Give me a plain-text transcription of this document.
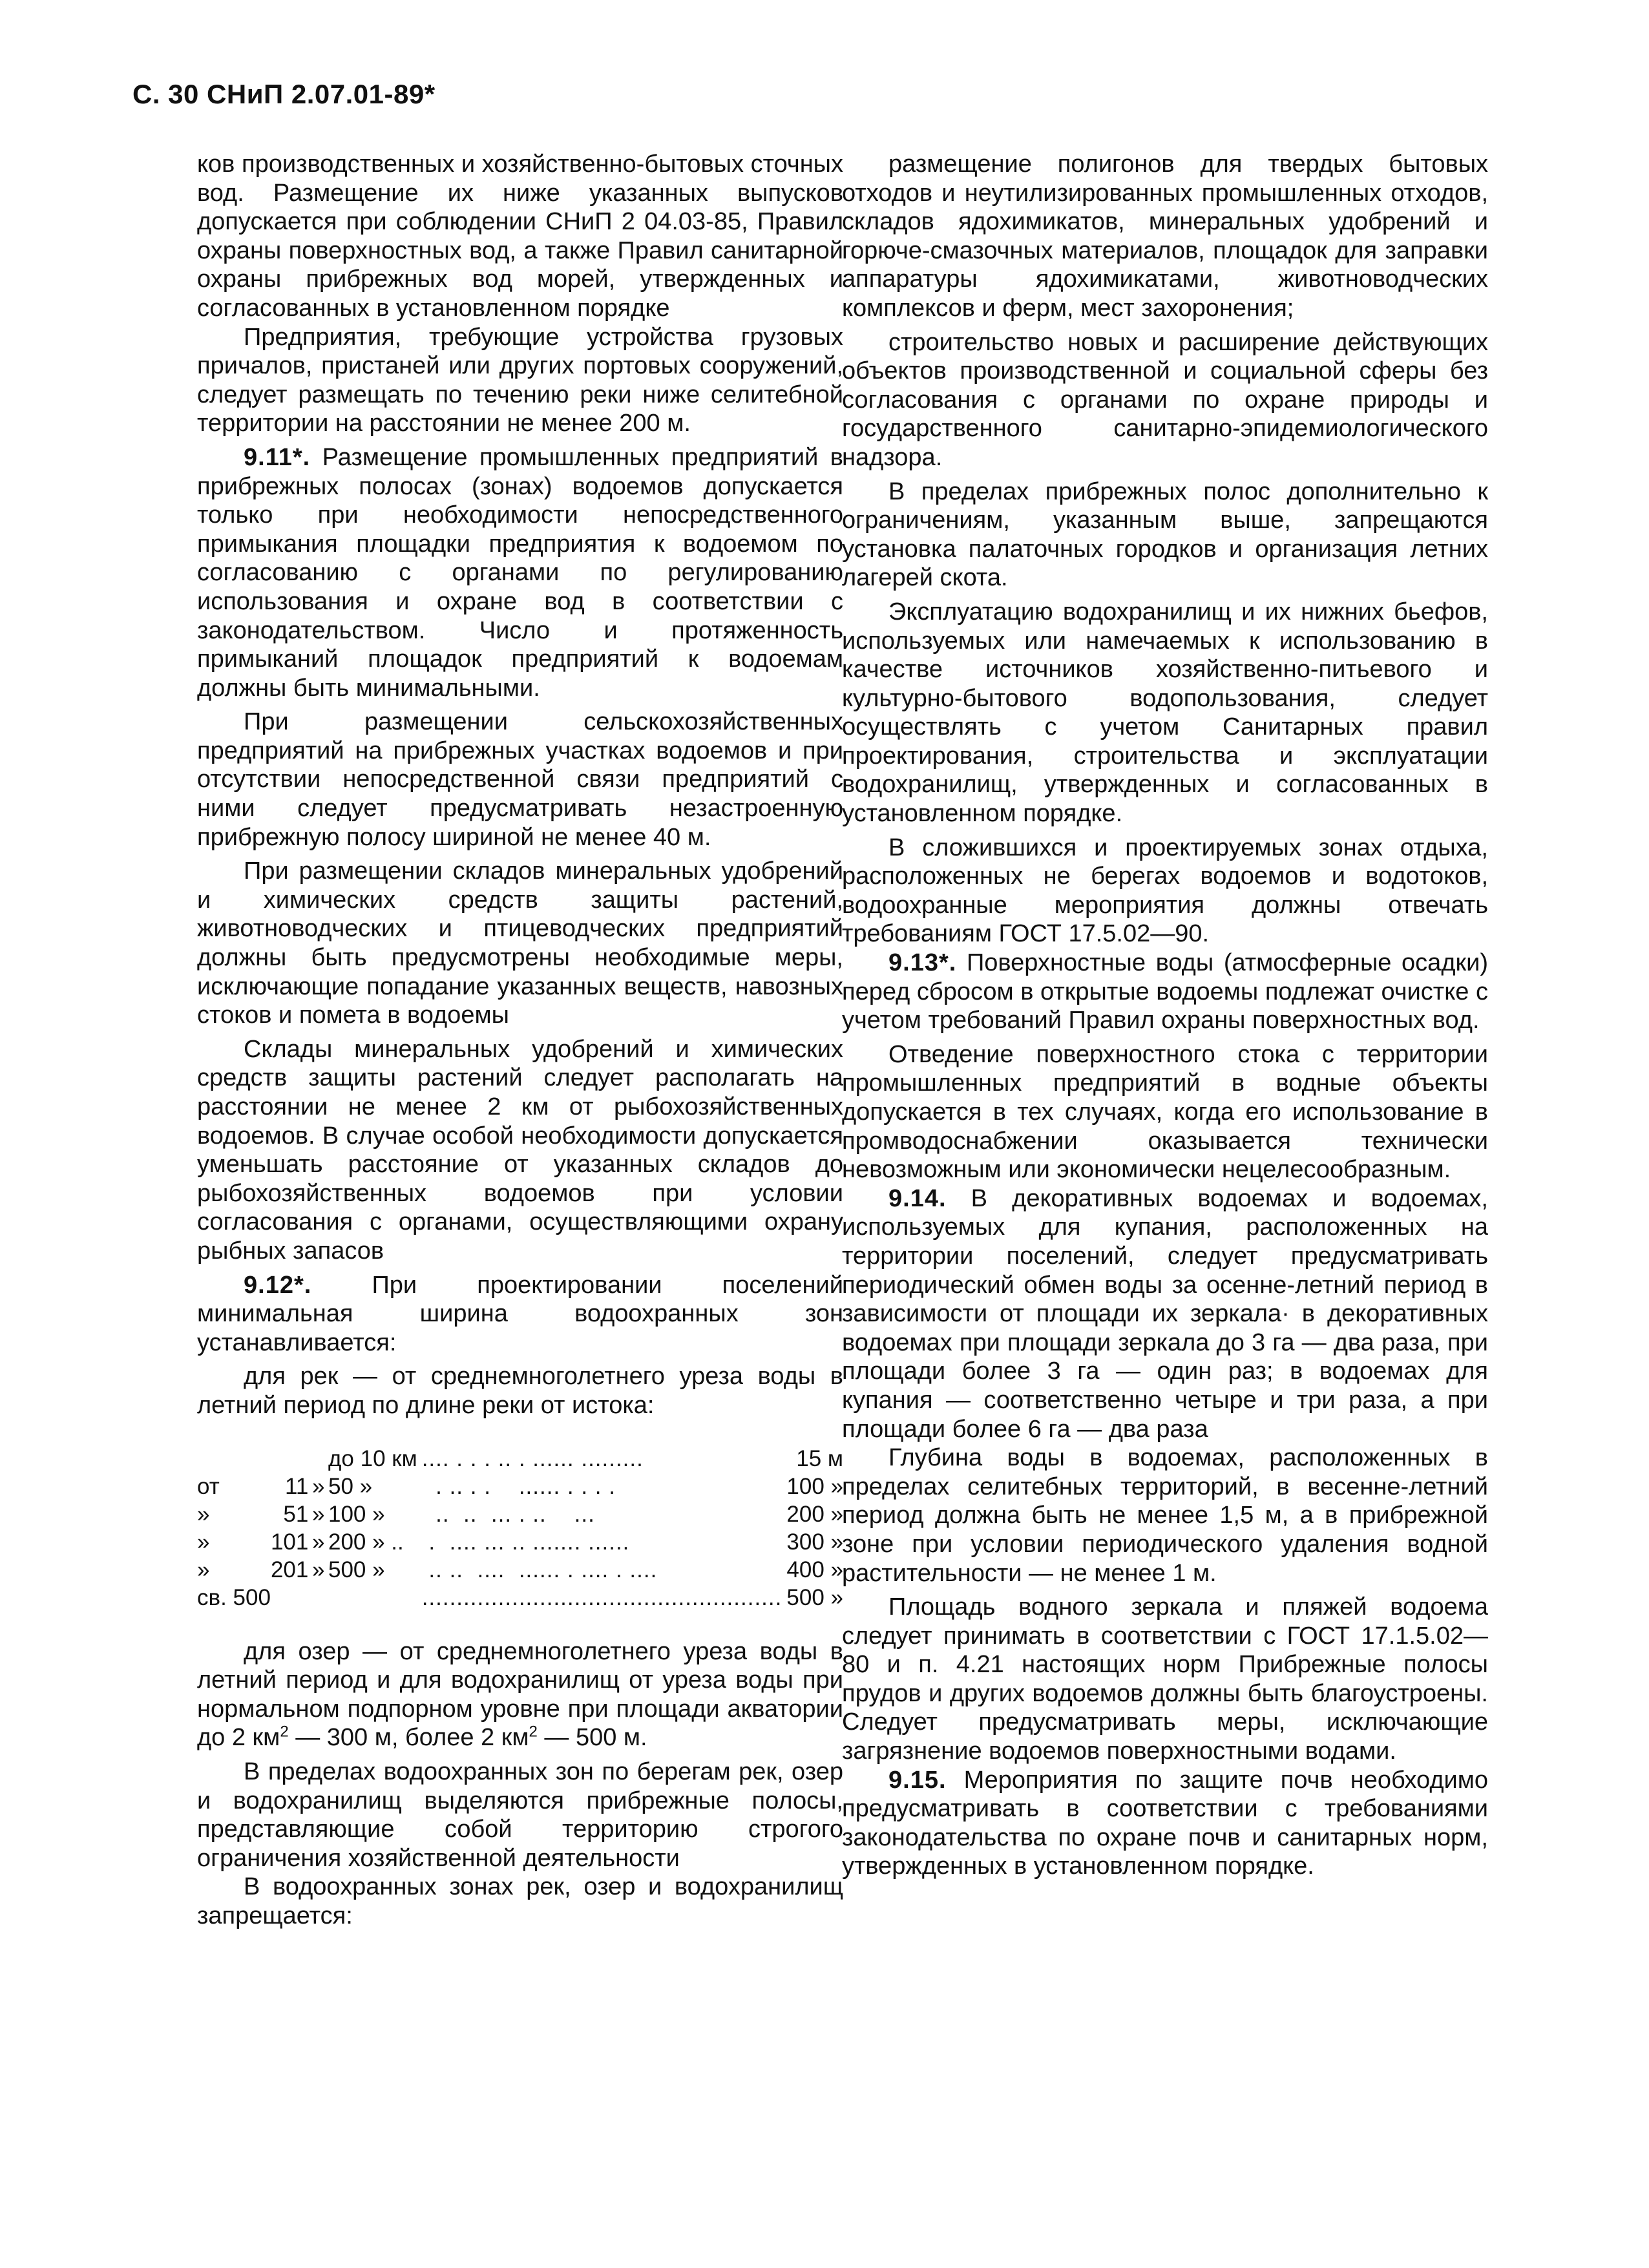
С. 30 СНиП 2.07.01-89*

ков производственных и хозяйственно-бытовых сточных вод. Размещение их ниже указанных выпусков допускается при соблюдении СНиП 2 04.03-85, Правил охраны поверхностных вод, а также Правил санитарной охраны прибрежных вод морей, утвержденных и согласованных в установленном порядке

Предприятия, требующие устройства грузовых причалов, пристаней или других портовых сооружений, следует размещать по течению реки ниже селитебной территории на расстоянии не менее 200 м.

9.11*. Размещение промышленных предприятий в прибрежных полосах (зонах) водоемов допускается только при необходимости непосредственного примыкания площадки предприятия к водоемом по согласованию с органами по регулированию использования и охране вод в соответствии с законодательством. Число и протяженность примыканий площадок предприятий к водоемам должны быть минимальными.

При размещении сельскохозяйственных предприятий на прибрежных участках водоемов и при отсутствии непосредственной связи предприятий с ними следует предусматривать незастроенную прибрежную полосу шириной не менее 40 м.

При размещении складов минеральных удобрений и химических средств защиты растений, животноводческих и птицеводческих предприятий должны быть предусмотрены необходимые меры, исключающие попадание указанных веществ, навозных стоков и помета в водоемы

Склады минеральных удобрений и химических средств защиты растений следует располагать на расстоянии не менее 2 км от рыбохозяйственных водоемов. В случае особой необходимости допускается уменьшать расстояние от указанных складов до рыбохозяйственных водоемов при условии согласования с органами, осуществляющими охрану рыбных запасов

9.12*. При проектировании поселений минимальная ширина водоохранных зон устанавливается:

для рек — от среднемноголетнего уреза воды в летний период по длине реки от истока:

			до 10 км	.... . . . .. . ...... .........	15 м
от	11	»	50 »	. .. . .    ...... . . . .	100 »
»	51	»	100 »	..  ..  ... . ..    ...	200 »
»	101	»	200 » ..	.  .... ... .. ....... ......	300 »
»	201	»	500 »	.. ..  ....  ...... . .... . ....	400 »
св. 500				....................................................	500 »

для озер — от среднемноголетнего уреза воды в летний период и для водохранилищ от уреза воды при нормальном подпорном уровне при площади акватории до 2 $км^2$ — 300 м, более 2 $км^2$ — 500 м.

В пределах водоохранных зон по берегам рек, озер и водохранилищ выделяются прибрежные полосы, представляющие собой территорию строгого ограничения хозяйственной деятельности

В водоохранных зонах рек, озер и водохранилищ запрещается:

размещение полигонов для твердых бытовых отходов и неутилизированных промышленных отходов, складов ядохимикатов, минеральных удобрений и горюче-смазочных материалов, площадок для заправки аппаратуры ядохимикатами, животноводческих комплексов и ферм, мест захоронения;

строительство новых и расширение действующих объектов производственной и социальной сферы без согласования с органами по охране природы и государственного санитарно-эпидемиологического надзора.

В пределах прибрежных полос дополнительно к ограничениям, указанным выше, запрещаются установка палаточных городков и организация летних лагерей скота.

Эксплуатацию водохранилищ и их нижних бьефов, используемых или намечаемых к использованию в качестве источников хозяйственно-питьевого и культурно-бытового водопользования, следует осуществлять с учетом Санитарных правил проектирования, строительства и эксплуатации водохранилищ, утвержденных и согласованных в установленном порядке.

В сложившихся и проектируемых зонах отдыха, расположенных не берегах водоемов и водотоков, водоохранные мероприятия должны отвечать требованиям ГОСТ 17.5.02—90.

9.13*. Поверхностные воды (атмосферные осадки) перед сбросом в открытые водоемы подлежат очистке с учетом требований Правил охраны поверхностных вод.

Отведение поверхностного стока с территории промышленных предприятий в водные объекты допускается в тех случаях, когда его использование в промводоснабжении оказывается технически невозможным или экономически нецелесообразным.

9.14. В декоративных водоемах и водоемах, используемых для купания, расположенных на территории поселений, следует предусматривать периодический обмен воды за осенне-летний период в зависимости от площади их зеркала· в декоративных водоемах при площади зеркала до 3 га — два раза, при площади более 3 га — один раз; в водоемах для купания — соответственно четыре и три раза, а при площади более 6 га — два раза

Глубина воды в водоемах, расположенных в пределах селитебных территорий, в весенне-летний период должна быть не менее 1,5 м, а в прибрежной зоне при условии периодического удаления водной растительности — не менее 1 м.

Площадь водного зеркала и пляжей водоема следует принимать в соответствии с ГОСТ 17.1.5.02—80 и п. 4.21 настоящих норм Прибрежные полосы прудов и других водоемов должны быть благоустроены. Следует предусматривать меры, исключающие загрязнение водоемов поверхностными водами.

9.15. Мероприятия по защите почв необходимо предусматривать в соответствии с требованиями законодательства по охране почв и санитарных норм, утвержденных в установленном порядке.
